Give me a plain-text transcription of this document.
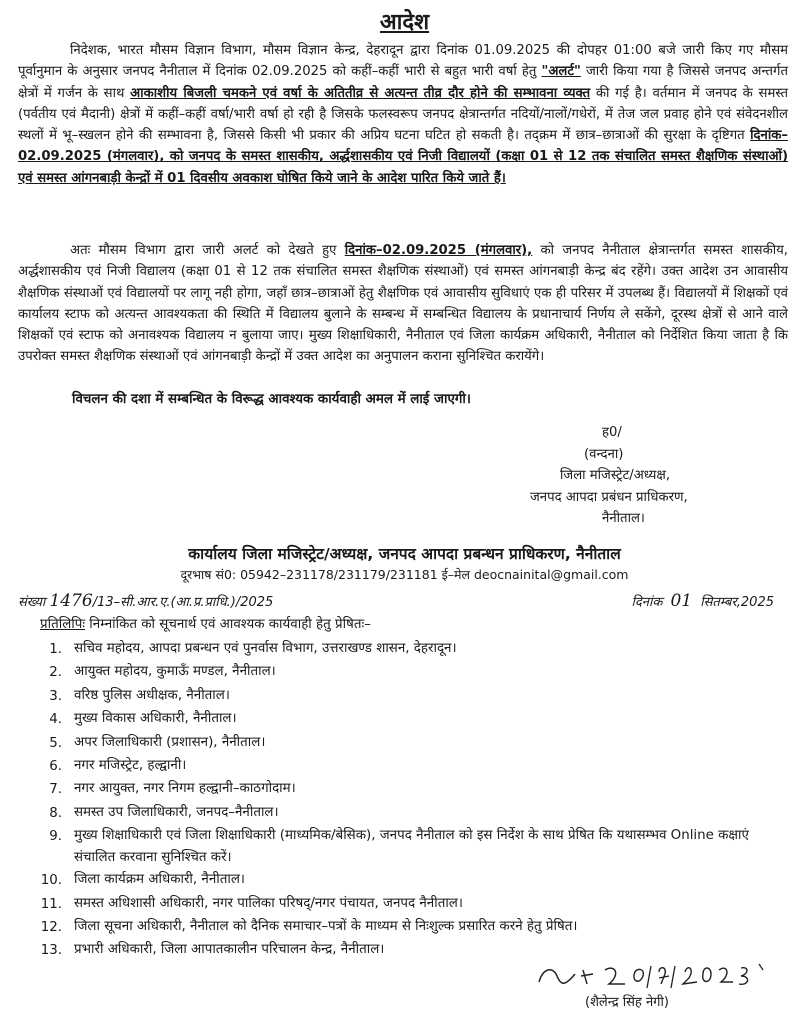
आदेश

निदेशक, भारत मौसम विज्ञान विभाग, मौसम विज्ञान केन्द्र, देहरादून द्वारा दिनांक 01.09.2025 की दोपहर 01:00 बजे जारी किए गए मौसम पूर्वानुमान के अनुसार जनपद नैनीताल में दिनांक 02.09.2025 को कहीं–कहीं भारी से बहुत भारी वर्षा हेतु "अलर्ट" जारी किया गया है जिससे जनपद अन्तर्गत क्षेत्रों में गर्जन के साथ आकाशीय बिजली चमकने एवं वर्षा के अतितीव्र से अत्यन्त तीव्र दौर होने की सम्भावना व्यक्त की गई है। वर्तमान में जनपद के समस्त (पर्वतीय एवं मैदानी) क्षेत्रों में कहीं–कहीं वर्षा/भारी वर्षा हो रही है जिसके फलस्वरूप जनपद क्षेत्रान्तर्गत नदियों/नालों/गधेरों, में तेज जल प्रवाह होने एवं संवेदनशील स्थलों में भू–स्खलन होने की सम्भावना है, जिससे किसी भी प्रकार की अप्रिय घटना घटित हो सकती है। तद्क्रम में छात्र–छात्राओं की सुरक्षा के दृष्टिगत दिनांक–02.09.2025 (मंगलवार), को जनपद के समस्त शासकीय, अर्द्धशासकीय एवं निजी विद्यालयों (कक्षा 01 से 12 तक संचालित समस्त शैक्षणिक संस्थाओं) एवं समस्त आंगनबाड़ी केन्द्रों में 01 दिवसीय अवकाश घोषित किये जाने के आदेश पारित किये जाते हैं।

अतः मौसम विभाग द्वारा जारी अलर्ट को देखते हुए दिनांक–02.09.2025 (मंगलवार), को जनपद नैनीताल क्षेत्रान्तर्गत समस्त शासकीय, अर्द्धशासकीय एवं निजी विद्यालय (कक्षा 01 से 12 तक संचालित समस्त शैक्षणिक संस्थाओं) एवं समस्त आंगनबाड़ी केन्द्र बंद रहेंगे। उक्त आदेश उन आवासीय शैक्षणिक संस्थाओं एवं विद्यालयों पर लागू नही होगा, जहाँ छात्र–छात्राओं हेतु शैक्षणिक एवं आवासीय सुविधाएं एक ही परिसर में उपलब्ध हैं। विद्यालयों में शिक्षकों एवं कार्यालय स्टाफ को अत्यन्त आवश्यकता की स्थिति में विद्यालय बुलाने के सम्बन्ध में सम्बन्धित विद्यालय के प्रधानाचार्य निर्णय ले सकेंगे, दूरस्थ क्षेत्रों से आने वाले शिक्षकों एवं स्टाफ को अनावश्यक विद्यालय न बुलाया जाए। मुख्य शिक्षाधिकारी, नैनीताल एवं जिला कार्यक्रम अधिकारी, नैनीताल को निर्देशित किया जाता है कि उपरोक्त समस्त शैक्षणिक संस्थाओं एवं आंगनबाड़ी केन्द्रों में उक्त आदेश का अनुपालन कराना सुनिश्चित करायेंगे।

विचलन की दशा में सम्बन्धित के विरूद्ध आवश्यक कार्यवाही अमल में लाई जाएगी।
ह0/
(वन्दना)
जिला मजिस्ट्रेट/अध्यक्ष,
जनपद आपदा प्रबंधन प्राधिकरण,
नैनीताल।
कार्यालय जिला मजिस्ट्रेट/अध्यक्ष, जनपद आपदा प्रबन्धन प्राधिकरण, नैनीताल
दूरभाष सं0: 05942–231178/231179/231181 ई–मेल deocnainital@gmail.com
संख्या 1476/13–सी.आर.ए.(आ.प्र.प्राधि.)/2025	दिनांक 01 सितम्बर,2025
प्रतिलिपिः निम्नांकित को सूचनार्थ एवं आवश्यक कार्यवाही हेतु प्रेषितः–
1. सचिव महोदय, आपदा प्रबन्धन एवं पुनर्वास विभाग, उत्तराखण्ड शासन, देहरादून।
2. आयुक्त महोदय, कुमाऊँ मण्डल, नैनीताल।
3. वरिष्ठ पुलिस अधीक्षक, नैनीताल।
4. मुख्य विकास अधिकारी, नैनीताल।
5. अपर जिलाधिकारी (प्रशासन), नैनीताल।
6. नगर मजिस्ट्रेट, हल्द्वानी।
7. नगर आयुक्त, नगर निगम हल्द्वानी–काठगोदाम।
8. समस्त उप जिलाधिकारी, जनपद–नैनीताल।
9. मुख्य शिक्षाधिकारी एवं जिला शिक्षाधिकारी (माध्यमिक/बेसिक), जनपद नैनीताल को इस निर्देश के साथ प्रेषित कि यथासम्भव Online कक्षाएं संचालित करवाना सुनिश्चित करें।
10. जिला कार्यक्रम अधिकारी, नैनीताल।
11. समस्त अधिशासी अधिकारी, नगर पालिका परिषद्/नगर पंचायत, जनपद नैनीताल।
12. जिला सूचना अधिकारी, नैनीताल को दैनिक समाचार–पत्रों के माध्यम से निःशुल्क प्रसारित करने हेतु प्रेषित।
13. प्रभारी अधिकारी, जिला आपातकालीन परिचालन केन्द्र, नैनीताल।
(शैलेन्द्र सिंह नेगी)
